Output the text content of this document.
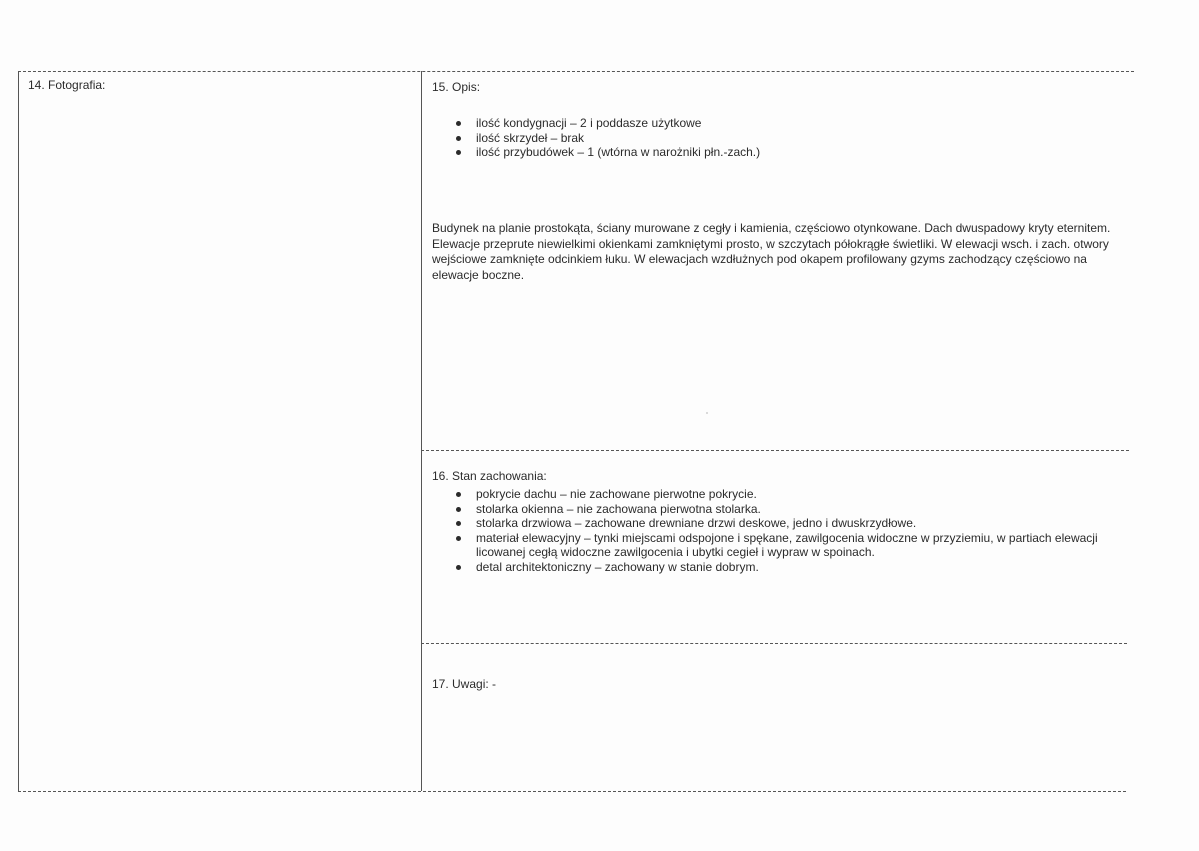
14. Fotografia:	15. Opis:
ilość kondygnacji – 2 i poddasze użytkowe
ilość skrzydeł – brak
ilość przybudówek – 1 (wtórna w narożniki płn.-zach.)
Budynek na planie prostokąta, ściany murowane z cegły i kamienia, częściowo otynkowane. Dach dwuspadowy kryty eternitem. Elewacje przeprute niewielkimi okienkami zamkniętymi prosto, w szczytach półokrągłe świetliki. W elewacji wsch. i zach. otwory wejściowe zamknięte odcinkiem łuku. W elewacjach wzdłużnych pod okapem profilowany gzyms zachodzący częściowo na elewacje boczne.
16. Stan zachowania:
pokrycie dachu – nie zachowane pierwotne pokrycie.
stolarka okienna – nie zachowana pierwotna stolarka.
stolarka drzwiowa – zachowane drewniane drzwi deskowe, jedno i dwuskrzydłowe.
materiał elewacyjny – tynki miejscami odspojone i spękane, zawilgocenia widoczne w przyziemiu, w partiach elewacji licowanej cegłą widoczne zawilgocenia i ubytki cegieł i wypraw w spoinach.
detal architektoniczny – zachowany w stanie dobrym.
17. Uwagi: -
